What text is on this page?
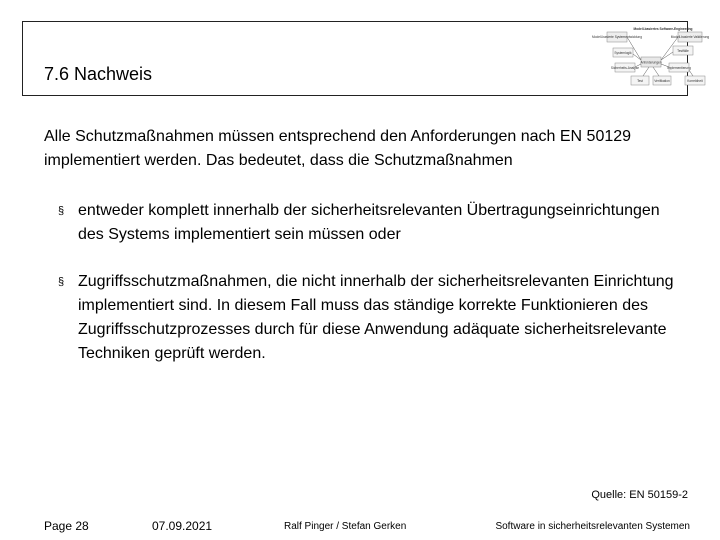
7.6 Nachweis
Modell-basiertes Software-Engineering
Modell-basierte Systementwicklung	Modell-basierte Validierung
Systemlogik	Testfälle
Sicherheits-Analyse
Anforderungen
Implementierung
Test	Verifikation	Korrektheit
Alle Schutzmaßnahmen müssen entsprechend den Anforderungen nach EN 50129 implementiert werden. Das bedeutet, dass die Schutzmaßnahmen
§ entweder komplett innerhalb der sicherheitsrelevanten Übertragungseinrichtungen des Systems implementiert sein müssen oder
§ Zugriffsschutzmaßnahmen, die nicht innerhalb der sicherheitsrelevanten Einrichtung implementiert sind. In diesem Fall muss das ständige korrekte Funktionieren des Zugriffsschutzprozesses durch für diese Anwendung adäquate sicherheitsrelevante Techniken geprüft werden.
Quelle: EN 50159-2
Page 28	07.09.2021	Ralf Pinger / Stefan Gerken	Software in sicherheitsrelevanten Systemen
